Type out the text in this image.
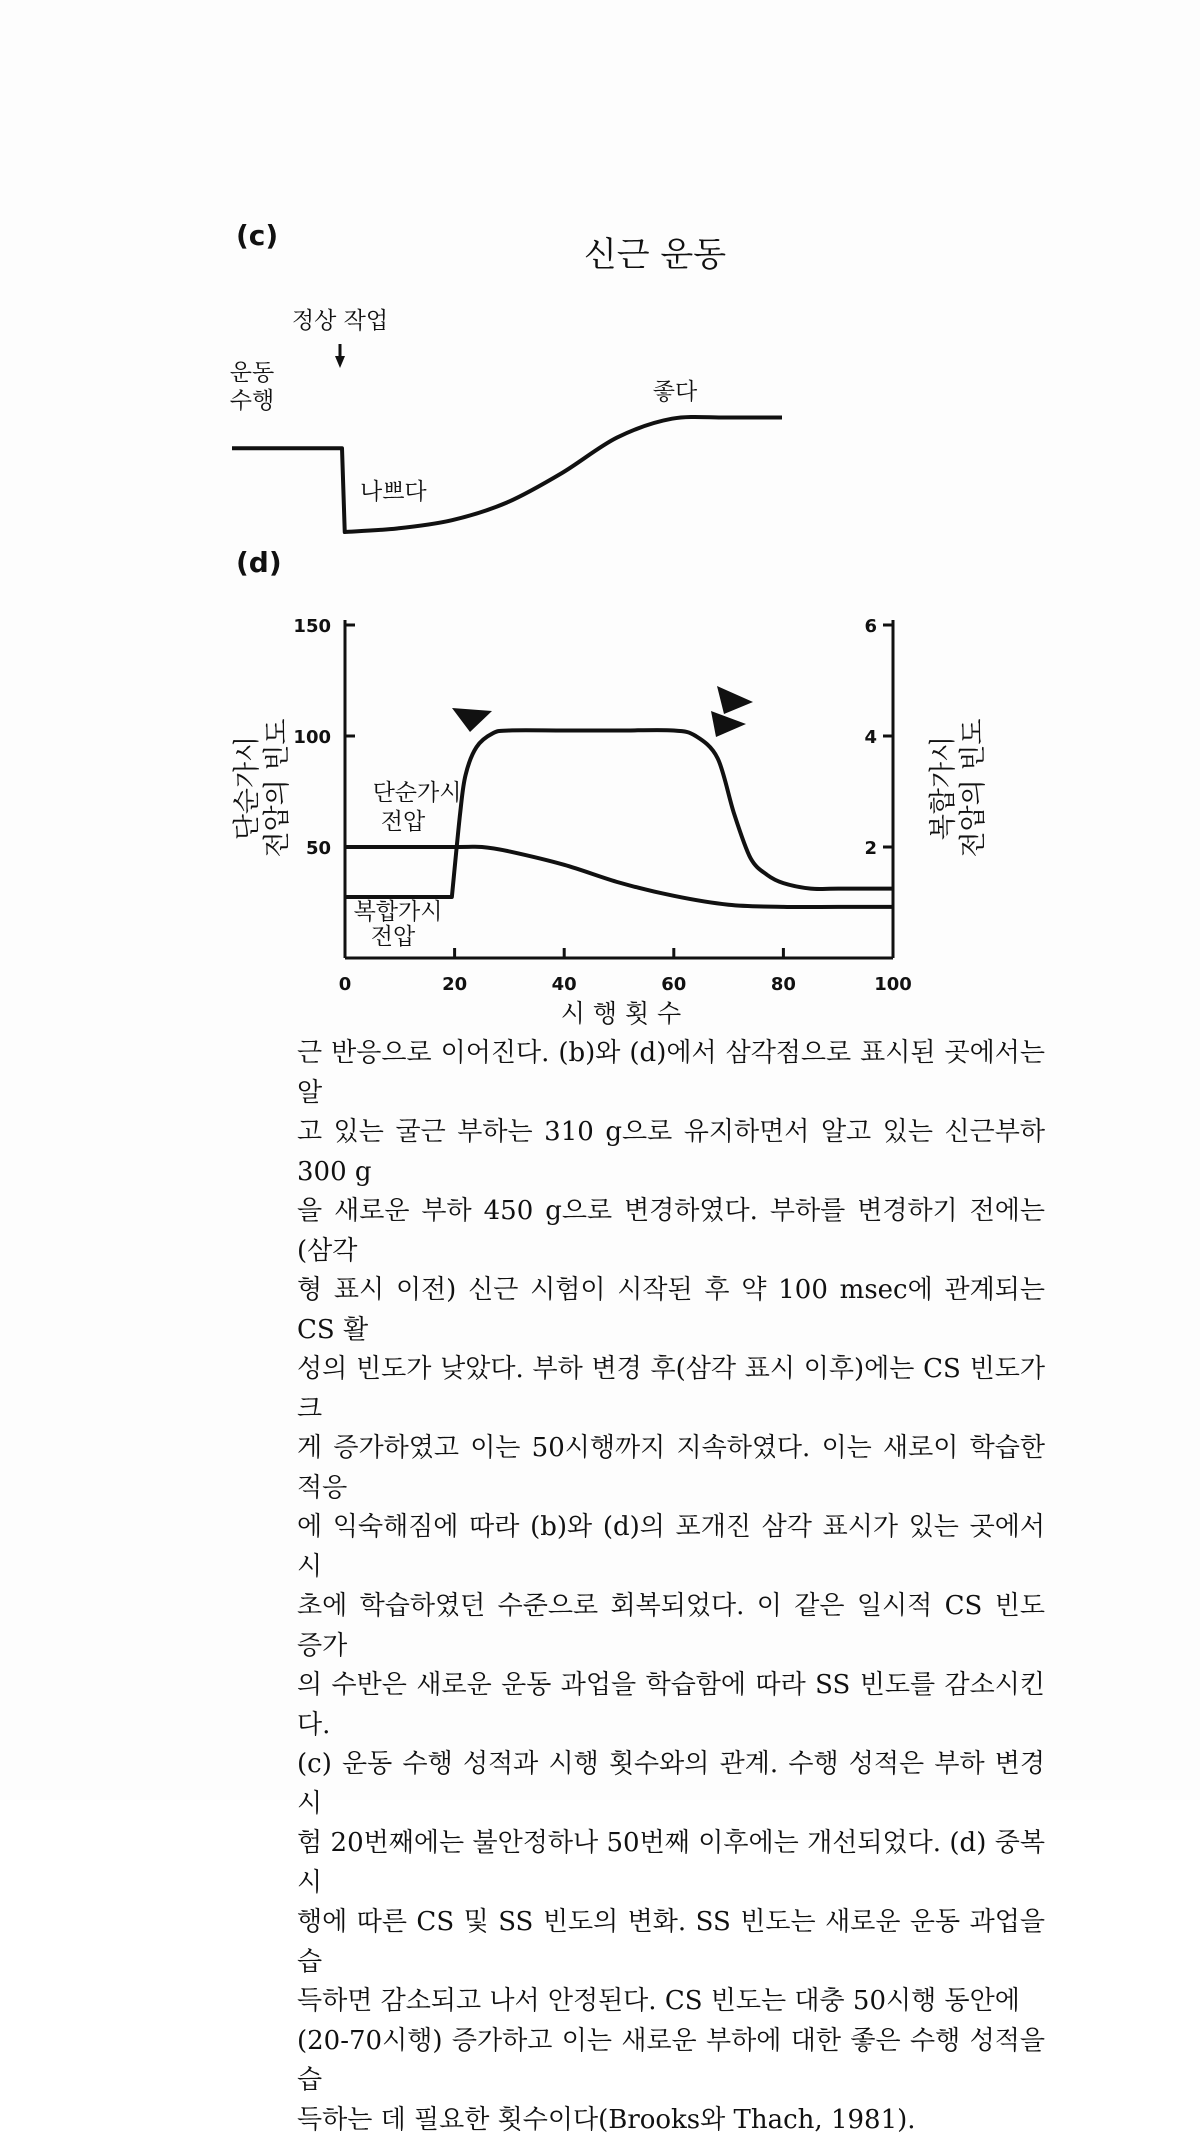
(c)	신근 운동
정상 작업
운동
수행	좋다
나쁘다
(d)
0	20	40	60	80	100
150
100
50
6
4
2
단순가시 전압의 빈도	복합가시 전압의 빈도
단순가시
전압
복합가시
전압
시 행 횟 수

근 반응으로 이어진다. (b)와 (d)에서 삼각점으로 표시된 곳에서는 알

고 있는 굴근 부하는 310 g으로 유지하면서 알고 있는 신근부하 300 g

을 새로운 부하 450 g으로 변경하였다. 부하를 변경하기 전에는(삼각

형 표시 이전) 신근 시험이 시작된 후 약 100 msec에 관계되는 CS 활

성의 빈도가 낮았다. 부하 변경 후(삼각 표시 이후)에는 CS 빈도가 크

게 증가하였고 이는 50시행까지 지속하였다. 이는 새로이 학습한 적응

에 익숙해짐에 따라 (b)와 (d)의 포개진 삼각 표시가 있는 곳에서 시

초에 학습하였던 수준으로 회복되었다. 이 같은 일시적 CS 빈도 증가

의 수반은 새로운 운동 과업을 학습함에 따라 SS 빈도를 감소시킨다.

(c) 운동 수행 성적과 시행 횟수와의 관계. 수행 성적은 부하 변경 시

험 20번째에는 불안정하나 50번째 이후에는 개선되었다. (d) 중복 시

행에 따른 CS 및 SS 빈도의 변화. SS 빈도는 새로운 운동 과업을 습

득하면 감소되고 나서 안정된다. CS 빈도는 대충 50시행 동안에

(20-70시행) 증가하고 이는 새로운 부하에 대한 좋은 수행 성적을 습

득하는 데 필요한 횟수이다(Brooks와 Thach, 1981).
